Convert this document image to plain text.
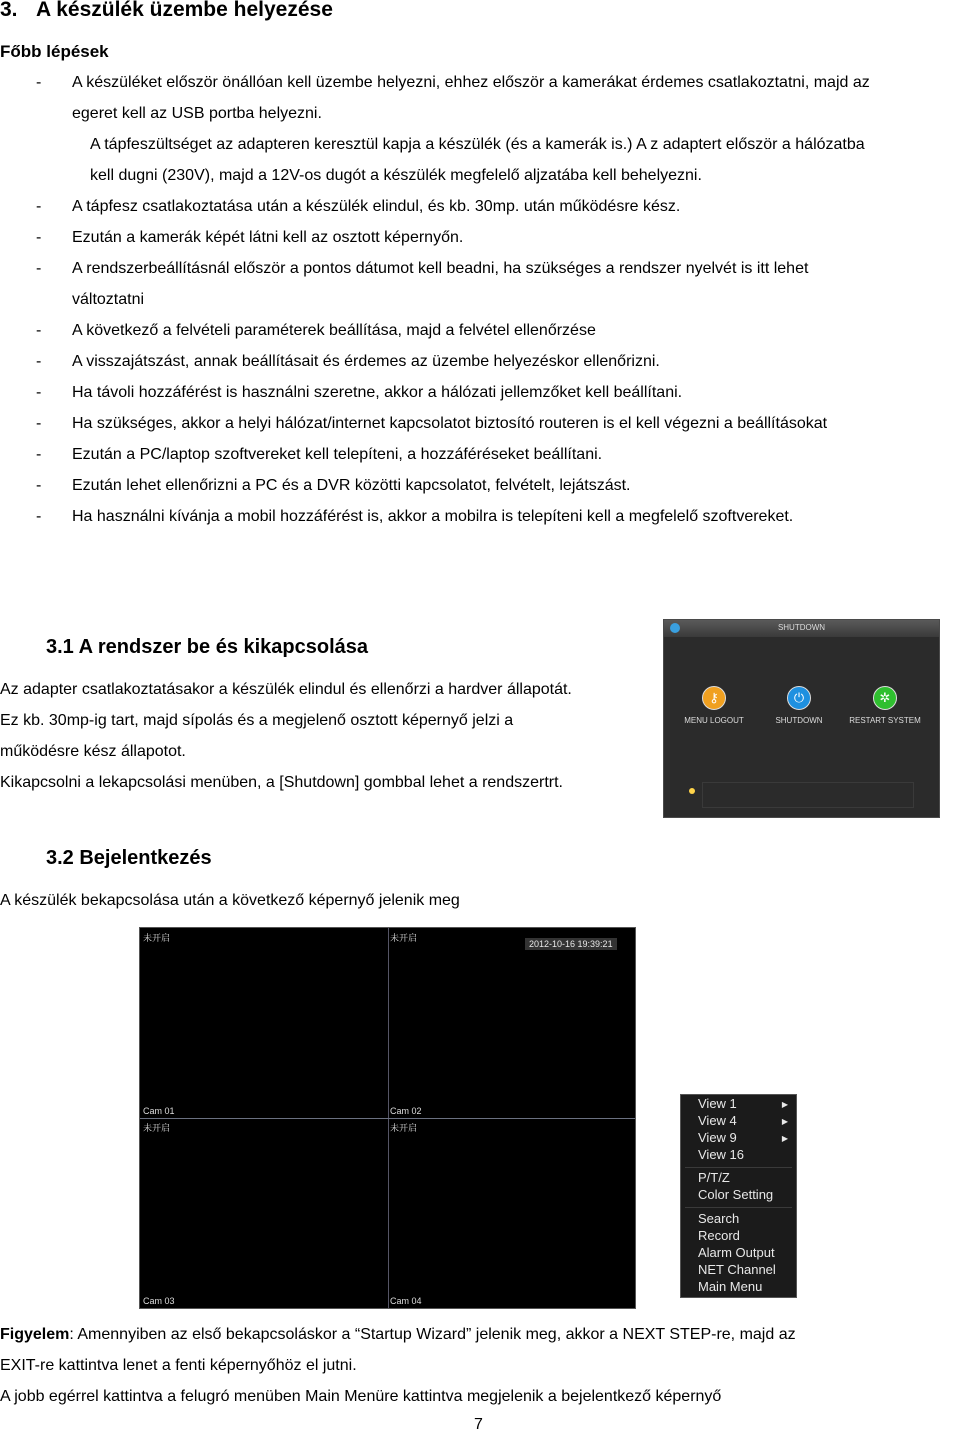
3. A készülék üzembe helyezése
Főbb lépések
- A készüléket először önállóan kell üzembe helyezni, ehhez először a kamerákat érdemes csatlakoztatni, majd az
egeret kell az USB portba helyezni.
A tápfeszültséget az adapteren keresztül kapja a készülék (és a kamerák is.) A z adaptert először a hálózatba
kell dugni (230V), majd a 12V-os dugót a készülék megfelelő aljzatába kell behelyezni.
- A tápfesz csatlakoztatása után a készülék elindul, és kb. 30mp. után működésre kész.
- Ezután a kamerák képét látni kell az osztott képernyőn.
- A rendszerbeállításnál először a pontos dátumot kell beadni, ha szükséges a rendszer nyelvét is itt lehet
változtatni
- A következő a felvételi paraméterek beállítása, majd a felvétel ellenőrzése
- A visszajátszást, annak beállításait és érdemes az üzembe helyezéskor ellenőrizni.
- Ha távoli hozzáférést is használni szeretne, akkor a hálózati jellemzőket kell beállítani.
- Ha szükséges, akkor a helyi hálózat/internet kapcsolatot biztosító routeren is el kell végezni a beállításokat
- Ezután a PC/laptop szoftvereket kell telepíteni, a hozzáféréseket beállítani.
- Ezután lehet ellenőrizni a PC és a DVR közötti kapcsolatot, felvételt, lejátszást.
- Ha használni kívánja a mobil hozzáférést is, akkor a mobilra is telepíteni kell a megfelelő szoftvereket.
3.1 A rendszer be és kikapcsolása
Az adapter csatlakoztatásakor a készülék elindul és ellenőrzi a hardver állapotát.
Ez kb. 30mp-ig tart, majd sípolás és a megjelenő osztott képernyő jelzi a
működésre kész állapotot.
Kikapcsolni a lekapcsolási menüben, a [Shutdown] gombbal lehet a rendszertrt.
SHUTDOWN
⚷
MENU LOGOUT
⏻
SHUTDOWN
✲
RESTART SYSTEM
3.2 Bejelentkezés
A készülék bekapcsolása után a következő képernyő jelenik meg
未开启	未开启
2012-10-16 19:39:21
Cam 01	Cam 02
未开启	未开启
Cam 03	Cam 04
View 1	▶
View 4	▶
View 9	▶
View 16
P/T/Z
Color Setting
Search
Record
Alarm Output
NET Channel
Main Menu
Figyelem: Amennyiben az első bekapcsoláskor a “Startup Wizard” jelenik meg, akkor a NEXT STEP-re, majd az
EXIT-re kattintva lenet a fenti képernyőhöz el jutni.
A jobb egérrel kattintva a felugró menüben Main Menüre kattintva megjelenik a bejelentkező képernyő
7
